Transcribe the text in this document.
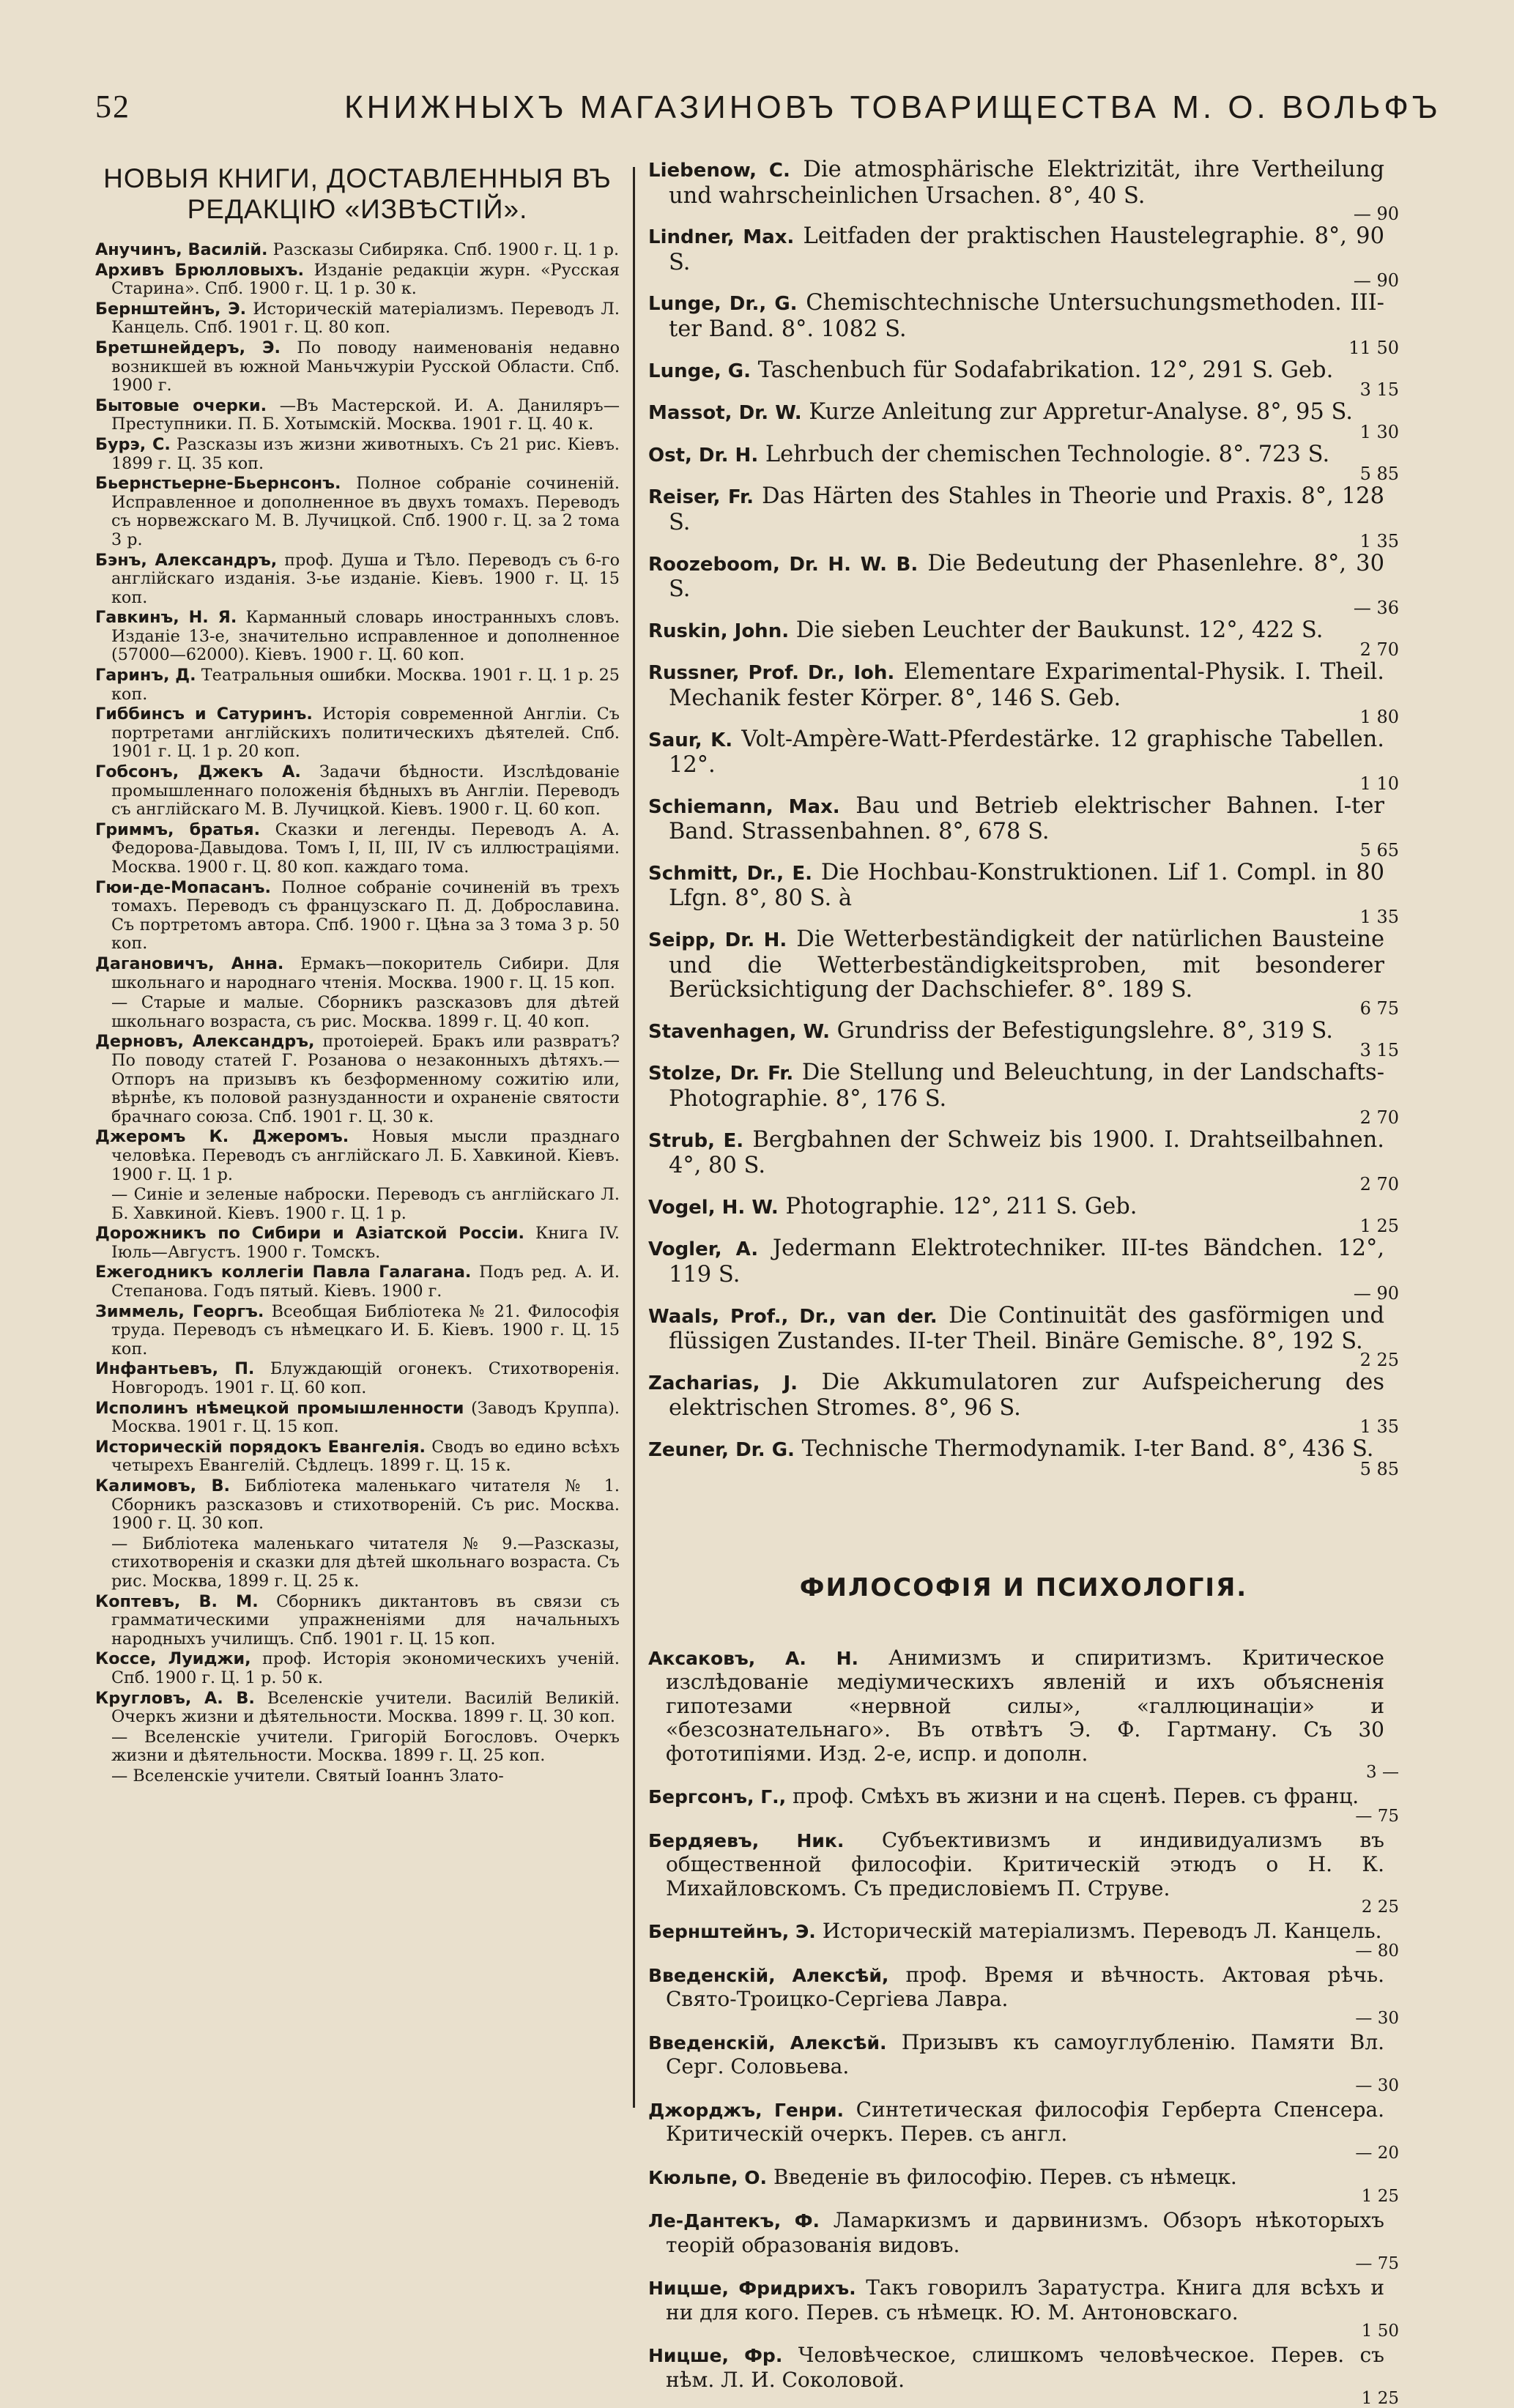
52	КНИЖНЫХЪ МАГАЗИНОВЪ ТОВАРИЩЕСТВА М. О. ВОЛЬФЪ
НОВЫЯ КНИГИ, ДОСТАВЛЕННЫЯ ВЪ РЕДАКЦІЮ «ИЗВѢСТІЙ».
Анучинъ, Василій. Разсказы Сибиряка. Спб. 1900 г. Ц. 1 р.
Архивъ Брюлловыхъ. Изданіе редакціи журн. «Русская Старина». Спб. 1900 г. Ц. 1 р. 30 к.
Бернштейнъ, Э. Историческій матеріализмъ. Переводъ Л. Канцель. Спб. 1901 г. Ц. 80 коп.
Бретшнейдеръ, Э. По поводу наименованія недавно возникшей въ южной Маньчжуріи Русской Области. Спб. 1900 г.
Бытовые очерки. —Въ Мастерской. И. А. Даниляръ—Преступники. П. Б. Хотымскій. Москва. 1901 г. Ц. 40 к.
Бурэ, С. Разсказы изъ жизни животныхъ. Съ 21 рис. Кіевъ. 1899 г. Ц. 35 коп.
Бьернстьерне-Бьернсонъ. Полное собраніе сочиненій. Исправленное и дополненное въ двухъ томахъ. Переводъ съ норвежскаго М. В. Лучицкой. Спб. 1900 г. Ц. за 2 тома 3 р.
Бэнъ, Александръ, проф. Душа и Тѣло. Переводъ съ 6-го англійскаго изданія. 3-ье изданіе. Кіевъ. 1900 г. Ц. 15 коп.
Гавкинъ, Н. Я. Карманный словарь иностранныхъ словъ. Изданіе 13-е, значительно исправленное и дополненное (57000—62000). Кіевъ. 1900 г. Ц. 60 коп.
Гаринъ, Д. Театральныя ошибки. Москва. 1901 г. Ц. 1 р. 25 коп.
Гиббинсъ и Сатуринъ. Исторія современной Англіи. Съ портретами англійскихъ политическихъ дѣятелей. Спб. 1901 г. Ц. 1 р. 20 коп.
Гобсонъ, Джекъ А. Задачи бѣдности. Изслѣдованіе промышленнаго положенія бѣдныхъ въ Англіи. Переводъ съ англійскаго М. В. Лучицкой. Кіевъ. 1900 г. Ц. 60 коп.
Гриммъ, братья. Сказки и легенды. Переводъ А. А. Федорова-Давыдова. Томъ I, II, III, IV съ иллюстраціями. Москва. 1900 г. Ц. 80 коп. каждаго тома.
Гюи-де-Мопасанъ. Полное собраніе сочиненій въ трехъ томахъ. Переводъ съ французскаго П. Д. Доброславина. Съ портретомъ автора. Спб. 1900 г. Цѣна за 3 тома 3 р. 50 коп.
Дагановичъ, Анна. Ермакъ—покоритель Сибири. Для школьнаго и народнаго чтенія. Москва. 1900 г. Ц. 15 коп.
— Старые и малые. Сборникъ разсказовъ для дѣтей школьнаго возраста, съ рис. Москва. 1899 г. Ц. 40 коп.
Дерновъ, Александръ, протоіерей. Бракъ или развратъ? По поводу статей Г. Розанова о незаконныхъ дѣтяхъ.—Отпоръ на призывъ къ безформенному сожитію или, вѣрнѣе, къ половой разнузданности и охраненіе святости брачнаго союза. Спб. 1901 г. Ц. 30 к.
Джеромъ К. Джеромъ. Новыя мысли празднаго человѣка. Переводъ съ англійскаго Л. Б. Хавкиной. Кіевъ. 1900 г. Ц. 1 р.
— Синіе и зеленые наброски. Переводъ съ англійскаго Л. Б. Хавкиной. Кіевъ. 1900 г. Ц. 1 р.
Дорожникъ по Сибири и Азіатской Россіи. Книга IV. Іюль—Августъ. 1900 г. Томскъ.
Ежегодникъ коллегіи Павла Галагана. Подъ ред. А. И. Степанова. Годъ пятый. Кіевъ. 1900 г.
Зиммель, Георгъ. Всеобщая Библіотека № 21. Философія труда. Переводъ съ нѣмецкаго И. Б. Кіевъ. 1900 г. Ц. 15 коп.
Инфантьевъ, П. Блуждающій огонекъ. Стихотворенія. Новгородъ. 1901 г. Ц. 60 коп.
Исполинъ нѣмецкой промышленности (Заводъ Круппа). Москва. 1901 г. Ц. 15 коп.
Историческій порядокъ Евангелія. Сводъ во едино всѣхъ четырехъ Евангелій. Сѣдлецъ. 1899 г. Ц. 15 к.
Калимовъ, В. Библіотека маленькаго читателя № 1. Сборникъ разсказовъ и стихотвореній. Съ рис. Москва. 1900 г. Ц. 30 коп.
— Библіотека маленькаго читателя № 9.—Разсказы, стихотворенія и сказки для дѣтей школьнаго возраста. Съ рис. Москва, 1899 г. Ц. 25 к.
Коптевъ, В. М. Сборникъ диктантовъ въ связи съ грамматическими упражненіями для начальныхъ народныхъ училищъ. Спб. 1901 г. Ц. 15 коп.
Коссе, Луиджи, проф. Исторія экономическихъ ученій. Спб. 1900 г. Ц. 1 р. 50 к.
Кругловъ, А. В. Вселенскіе учители. Василій Великій. Очеркъ жизни и дѣятельности. Москва. 1899 г. Ц. 30 коп.
— Вселенскіе учители. Григорій Богословъ. Очеркъ жизни и дѣятельности. Москва. 1899 г. Ц. 25 коп.
— Вселенскіе учители. Святый Іоаннъ Злато-
Liebenow, C. Die atmosphärische Elektrizität, ihre Vertheilung und wahrscheinlichen Ursachen. 8°, 40 S.
— 90
Lindner, Max. Leitfaden der praktischen Haustelegraphie. 8°, 90 S.
— 90
Lunge, Dr., G. Chemischtechnische Untersuchungsmethoden. III-ter Band. 8°. 1082 S.
11 50
Lunge, G. Taschenbuch für Sodafabrikation. 12°, 291 S. Geb.
3 15
Massot, Dr. W. Kurze Anleitung zur Appretur-Analyse. 8°, 95 S.
1 30
Ost, Dr. H. Lehrbuch der chemischen Technologie. 8°. 723 S.
5 85
Reiser, Fr. Das Härten des Stahles in Theorie und Praxis. 8°, 128 S.
1 35
Roozeboom, Dr. H. W. B. Die Bedeutung der Phasenlehre. 8°, 30 S.
— 36
Ruskin, John. Die sieben Leuchter der Baukunst. 12°, 422 S.
2 70
Russner, Prof. Dr., Ioh. Elementare Exparimental-Physik. I. Theil. Mechanik fester Körper. 8°, 146 S. Geb.
1 80
Saur, K. Volt-Ampère-Watt-Pferdestärke. 12 graphische Tabellen. 12°.
1 10
Schiemann, Max. Bau und Betrieb elektrischer Bahnen. I-ter Band. Strassenbahnen. 8°, 678 S.
5 65
Schmitt, Dr., E. Die Hochbau-Konstruktionen. Lif 1. Compl. in 80 Lfgn. 8°, 80 S. à
1 35
Seipp, Dr. H. Die Wetterbeständigkeit der natürlichen Bausteine und die Wetterbeständigkeitsproben, mit besonderer Berücksichtigung der Dachschiefer. 8°. 189 S.
6 75
Stavenhagen, W. Grundriss der Befestigungslehre. 8°, 319 S.
3 15
Stolze, Dr. Fr. Die Stellung und Beleuchtung, in der Landschafts-Photographie. 8°, 176 S.
2 70
Strub, E. Bergbahnen der Schweiz bis 1900. I. Drahtseilbahnen. 4°, 80 S.
2 70
Vogel, H. W. Photographie. 12°, 211 S. Geb.
1 25
Vogler, A. Jedermann Elektrotechniker. III-tes Bändchen. 12°, 119 S.
— 90
Waals, Prof., Dr., van der. Die Continuität des gasförmigen und flüssigen Zustandes. II-ter Theil. Binäre Gemische. 8°, 192 S.
2 25
Zacharias, J. Die Akkumulatoren zur Aufspeicherung des elektrischen Stromes. 8°, 96 S.
1 35
Zeuner, Dr. G. Technische Thermodynamik. I-ter Band. 8°, 436 S.
5 85
ФИЛОСОФІЯ И ПСИХОЛОГІЯ.
Аксаковъ, А. Н. Анимизмъ и спиритизмъ. Критическое изслѣдованіе медіумическихъ явленій и ихъ объясненія гипотезами «нервной силы», «галлюцинаціи» и «безсознательнаго». Въ отвѣтъ Э. Ф. Гартману. Съ 30 фототипіями. Изд. 2-е, испр. и дополн.
3 —
Бергсонъ, Г., проф. Смѣхъ въ жизни и на сценѣ. Перев. съ франц.
— 75
Бердяевъ, Ник. Субъективизмъ и индивидуализмъ въ общественной философіи. Критическій этюдъ о Н. К. Михайловскомъ. Съ предисловіемъ П. Струве.
2 25
Бернштейнъ, Э. Историческій матеріализмъ. Переводъ Л. Канцель.
— 80
Введенскій, Алексѣй, проф. Время и вѣчность. Актовая рѣчь. Свято-Троицко-Сергіева Лавра.
— 30
Введенскій, Алексѣй. Призывъ къ самоуглубленію. Памяти Вл. Серг. Соловьева.
— 30
Джорджъ, Генри. Синтетическая философія Герберта Спенсера. Критическій очеркъ. Перев. съ англ.
— 20
Кюльпе, О. Введеніе въ философію. Перев. съ нѣмецк.
1 25
Ле-Дантекъ, Ф. Ламаркизмъ и дарвинизмъ. Обзоръ нѣкоторыхъ теорій образованія видовъ.
— 75
Ницше, Фридрихъ. Такъ говорилъ Заратустра. Книга для всѣхъ и ни для кого. Перев. съ нѣмецк. Ю. М. Антоновскаго.
1 50
Ницше, Фр. Человѣческое, слишкомъ человѣческое. Перев. съ нѣм. Л. И. Соколовой.
1 25
